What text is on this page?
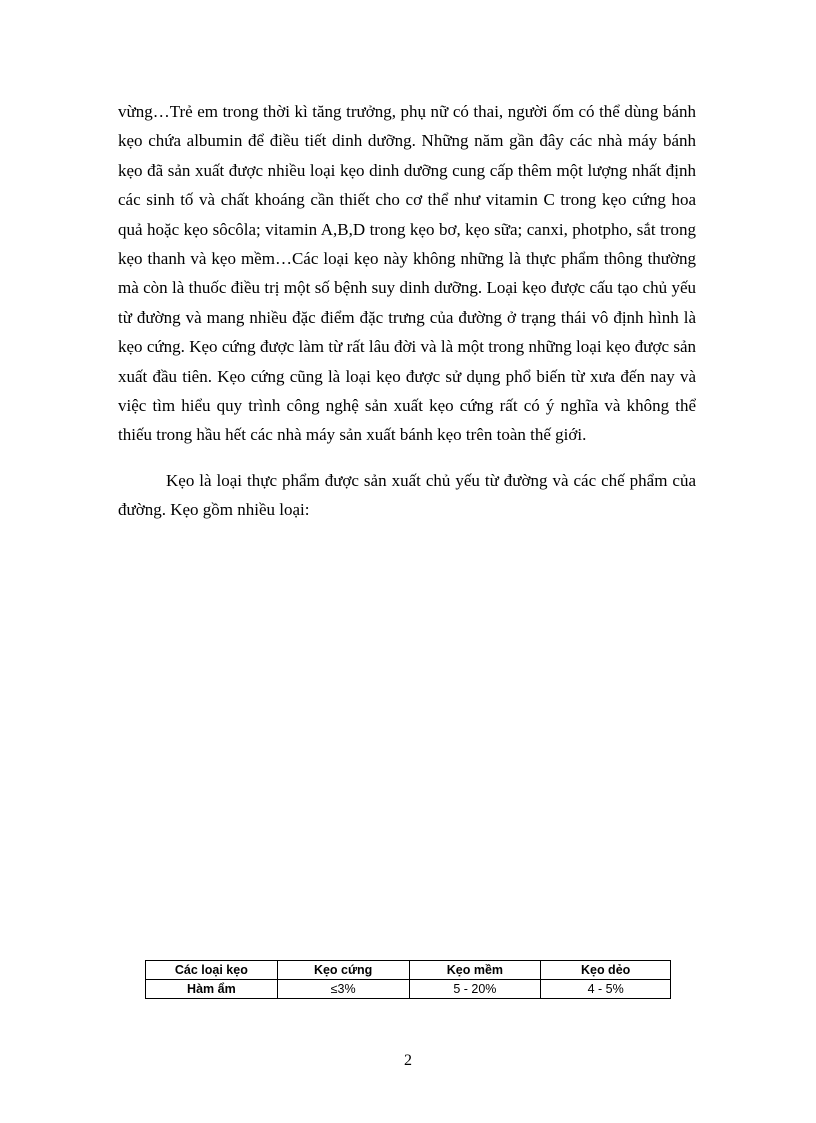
vừng…Trẻ em trong thời kì tăng trưởng, phụ nữ có thai, người ốm có thể dùng bánh kẹo chứa albumin để điều tiết dinh dưỡng. Những năm gần đây các nhà máy bánh kẹo đã sản xuất được nhiều loại kẹo dinh dưỡng cung cấp thêm một lượng nhất định các sinh tố và chất khoáng cần thiết cho cơ thể như vitamin C trong kẹo cứng hoa quả hoặc kẹo sôcôla; vitamin A,B,D trong kẹo bơ, kẹo sữa; canxi, photpho, sắt trong kẹo thanh và kẹo mềm…Các loại kẹo này không những là thực phẩm thông thường mà còn là thuốc điều trị một số bệnh suy dinh dưỡng. Loại kẹo được cấu tạo chủ yếu từ đường và mang nhiều đặc điểm đặc trưng của đường ở trạng thái vô định hình là kẹo cứng. Kẹo cứng được làm từ rất lâu đời và là một trong những loại kẹo được sản xuất đầu tiên. Kẹo cứng cũng là loại kẹo được sử dụng phổ biến từ xưa đến nay và việc tìm hiểu quy trình công nghệ sản xuất kẹo cứng rất có ý nghĩa và không thể thiếu trong hầu hết các nhà máy sản xuất bánh kẹo trên toàn thế giới.

Kẹo là loại thực phẩm được sản xuất chủ yếu từ đường và các chế phẩm của đường. Kẹo gồm nhiều loại:

Các loại kẹo	Kẹo cứng	Kẹo mềm	Kẹo dẻo
Hàm ẩm	≤3%	5 - 20%	4 - 5%
2
